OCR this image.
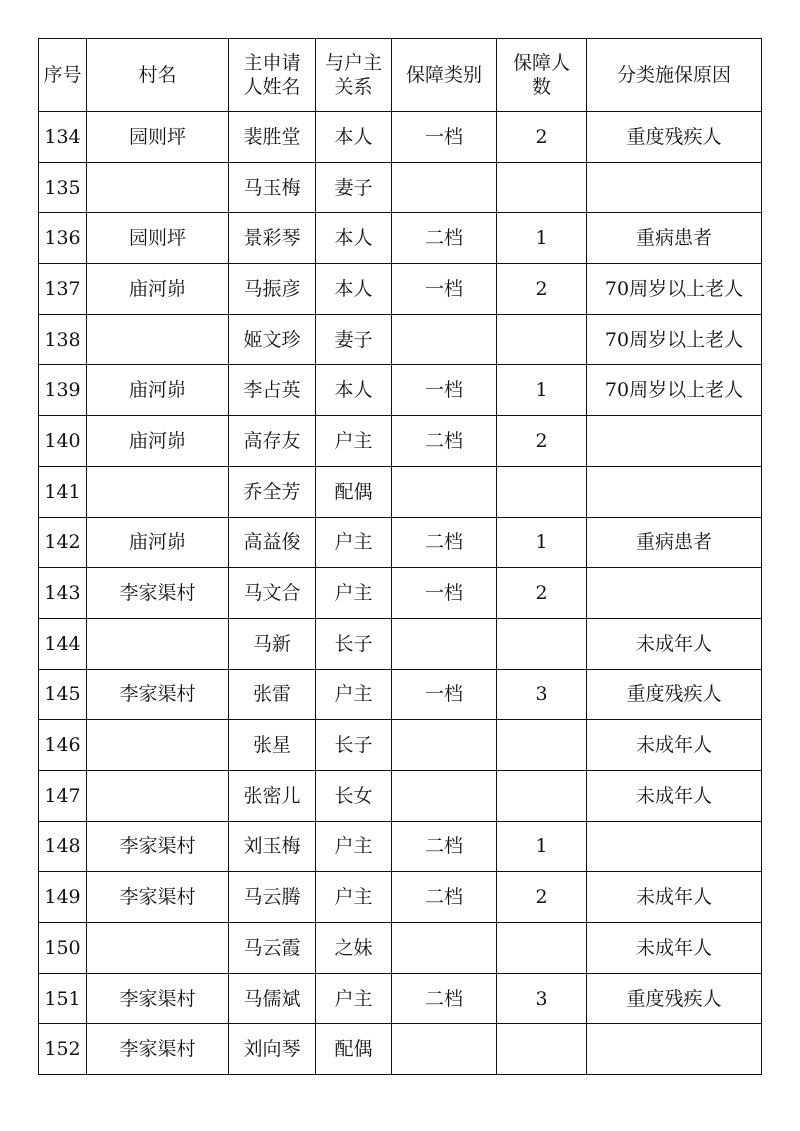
序号	村名	主申请人姓名	与户主关系	保障类别	保障人数	分类施保原因
134	园则坪	裴胜堂	本人	一档	2	重度残疾人
135		马玉梅	妻子			
136	园则坪	景彩琴	本人	二档	1	重病患者
137	庙河峁	马振彦	本人	一档	2	70周岁以上老人
138		姬文珍	妻子			70周岁以上老人
139	庙河峁	李占英	本人	一档	1	70周岁以上老人
140	庙河峁	高存友	户主	二档	2	
141		乔全芳	配偶			
142	庙河峁	高益俊	户主	二档	1	重病患者
143	李家渠村	马文合	户主	一档	2	
144		马新	长子			未成年人
145	李家渠村	张雷	户主	一档	3	重度残疾人
146		张星	长子			未成年人
147		张密儿	长女			未成年人
148	李家渠村	刘玉梅	户主	二档	1	
149	李家渠村	马云腾	户主	二档	2	未成年人
150		马云霞	之妹			未成年人
151	李家渠村	马儒斌	户主	二档	3	重度残疾人
152	李家渠村	刘向琴	配偶			
